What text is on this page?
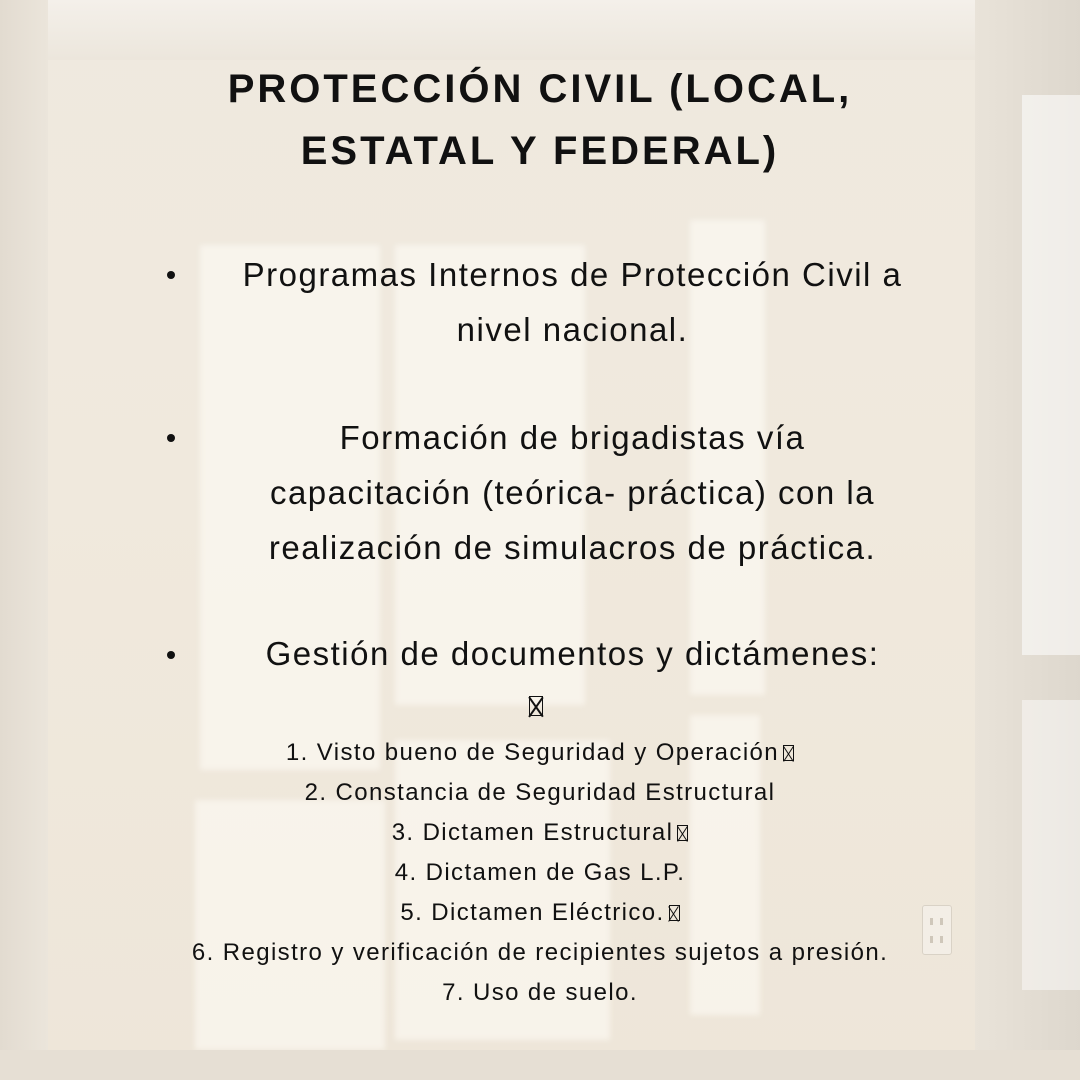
PROTECCIÓN CIVIL (LOCAL,
ESTATAL Y FEDERAL)
Programas Internos de Protección Civil a
nivel nacional.
Formación de brigadistas vía
capacitación (teórica- práctica) con la
realización de simulacros de práctica.
Gestión de documentos y dictámenes:
1. Visto bueno de Seguridad y Operación
2. Constancia de Seguridad Estructural
3. Dictamen Estructural
4. Dictamen de Gas L.P.
5. Dictamen Eléctrico.
6. Registro y verificación de recipientes sujetos a presión.
7. Uso de suelo.
